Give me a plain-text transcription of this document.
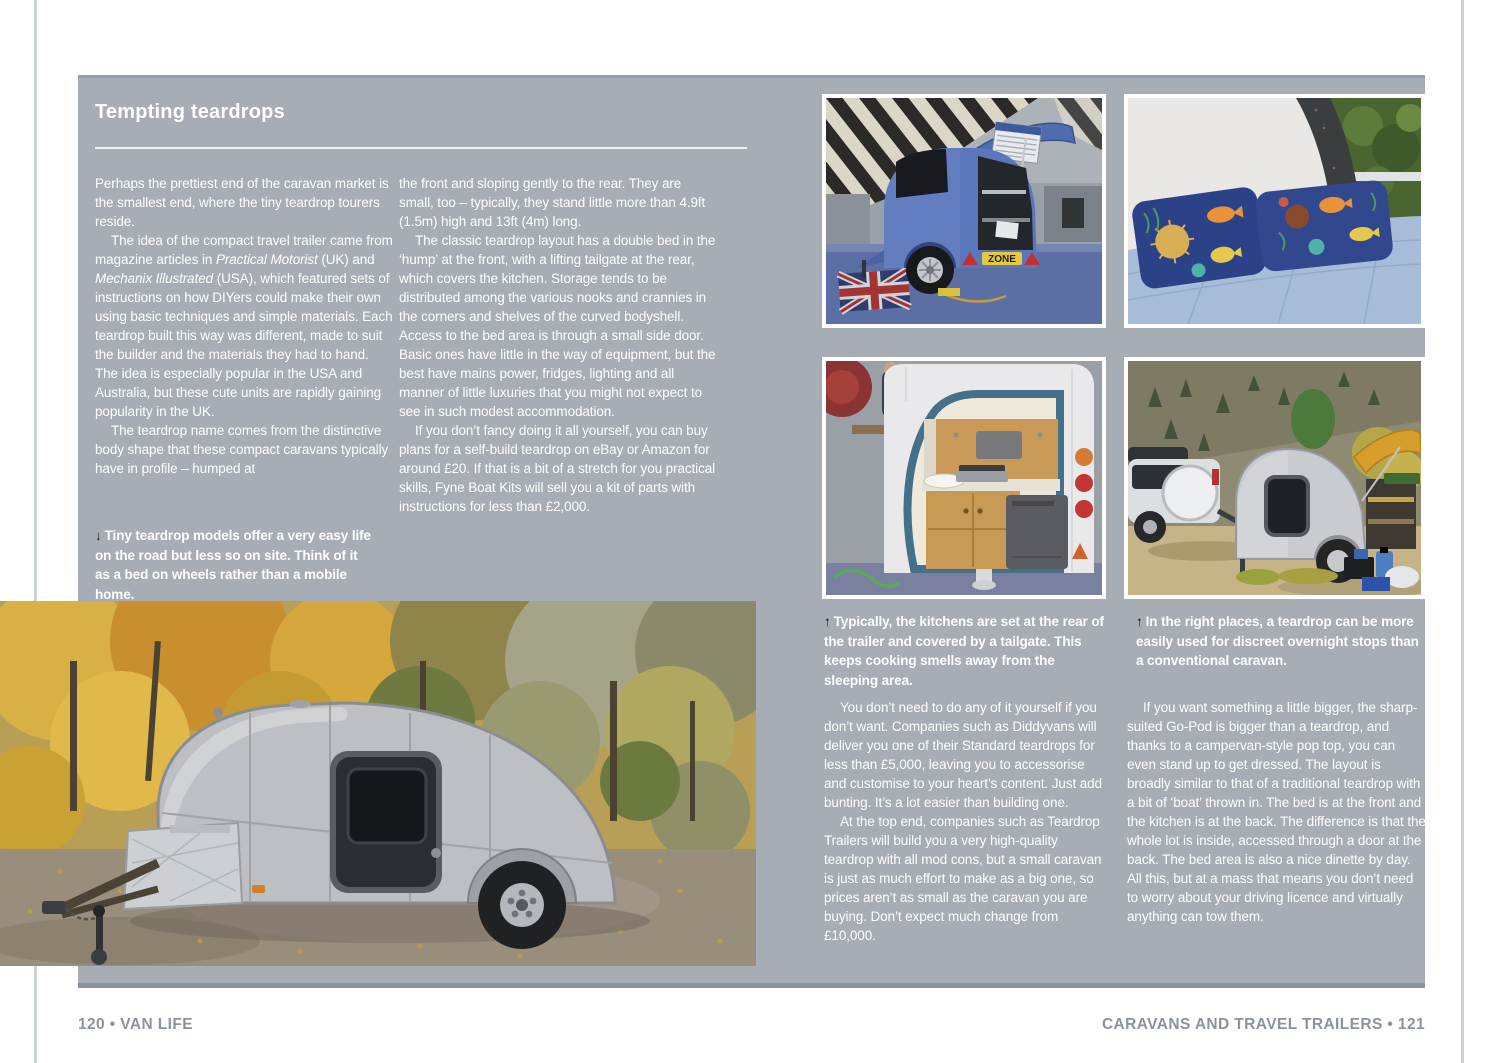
Tempting teardrops

Perhaps the prettiest end of the caravan market is the smallest end, where the tiny teardrop tourers reside.

The idea of the compact travel trailer came from magazine articles in Practical Motorist (UK) and Mechanix Illustrated (USA), which featured sets of instructions on how DIYers could make their own using basic techniques and simple materials. Each teardrop built this way was different, made to suit the builder and the materials they had to hand. The idea is especially popular in the USA and Australia, but these cute units are rapidly gaining popularity in the UK.

The teardrop name comes from the distinctive body shape that these compact caravans typically have in profile – humped at

the front and sloping gently to the rear. They are small, too – typically, they stand little more than 4.9ft (1.5m) high and 13ft (4m) long.

The classic teardrop layout has a double bed in the ‘hump’ at the front, with a lifting tailgate at the rear, which covers the kitchen. Storage tends to be distributed among the various nooks and crannies in the corners and shelves of the curved bodyshell. Access to the bed area is through a small side door. Basic ones have little in the way of equipment, but the best have mains power, fridges, lighting and all manner of little luxuries that you might not expect to see in such modest accommodation.

If you don’t fancy doing it all yourself, you can buy plans for a self-build teardrop on eBay or Amazon for around £20. If that is a bit of a stretch for you practical skills, Fyne Boat Kits will sell you a kit of parts with instructions for less than £2,000.

↓ Tiny teardrop models offer a very easy life on the road but less so on site. Think of it as a bed on wheels rather than a mobile home.

ZONE

↑ Typically, the kitchens are set at the rear of the trailer and covered by a tailgate. This keeps cooking smells away from the sleeping area.

↑ In the right places, a teardrop can be more easily used for discreet overnight stops than a conventional caravan.

You don’t need to do any of it yourself if you don’t want. Companies such as Diddyvans will deliver you one of their Standard teardrops for less than £5,000, leaving you to accessorise and customise to your heart’s content. Just add bunting. It’s a lot easier than building one.

At the top end, companies such as Teardrop Trailers will build you a very high-quality teardrop with all mod cons, but a small caravan is just as much effort to make as a big one, so prices aren’t as small as the caravan you are buying. Don’t expect much change from £10,000.

If you want something a little bigger, the sharp-suited Go-Pod is bigger than a teardrop, and thanks to a campervan-style pop top, you can even stand up to get dressed. The layout is broadly similar to that of a traditional teardrop with a bit of ‘boat’ thrown in. The bed is at the front and the kitchen is at the back. The difference is that the whole lot is inside, accessed through a door at the back. The bed area is also a nice dinette by day. All this, but at a mass that means you don’t need to worry about your driving licence and virtually anything can tow them.

120 • VAN LIFE	CARAVANS AND TRAVEL TRAILERS • 121
